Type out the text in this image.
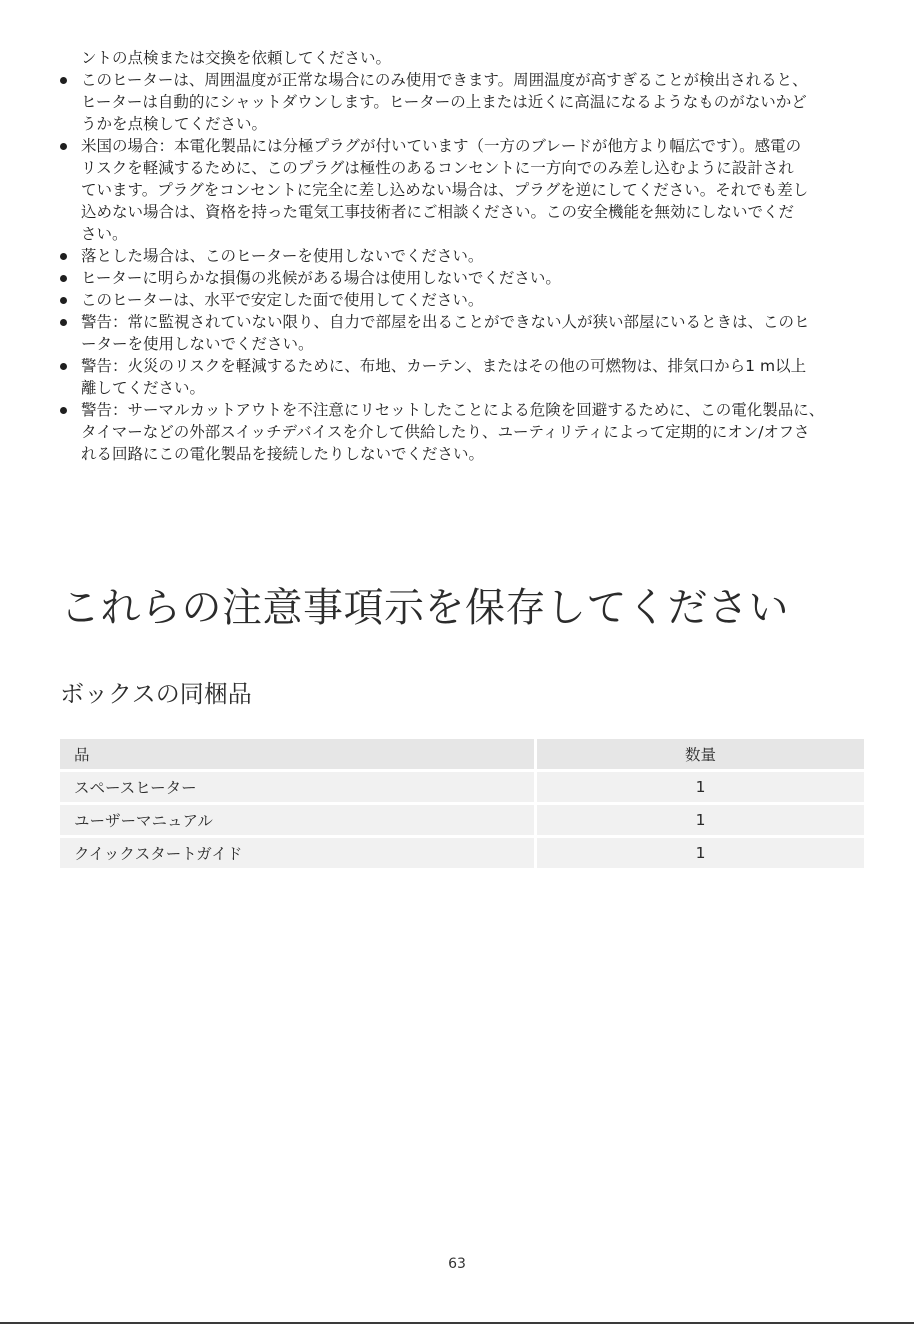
ントの点検または交換を依頼してください。

このヒーターは、周囲温度が正常な場合にのみ使用できます。周囲温度が高すぎることが検出されると、
ヒーターは自動的にシャットダウンします。ヒーターの上または近くに高温になるようなものがないかど
うかを点検してください。
米国の場合：本電化製品には分極プラグが付いています（一方のブレードが他方より幅広です）。感電の
リスクを軽減するために、このプラグは極性のあるコンセントに一方向でのみ差し込むように設計され
ています。プラグをコンセントに完全に差し込めない場合は、プラグを逆にしてください。それでも差し
込めない場合は、資格を持った電気工事技術者にご相談ください。この安全機能を無効にしないでくだ
さい。
落とした場合は、このヒーターを使用しないでください。
ヒーターに明らかな損傷の兆候がある場合は使用しないでください。
このヒーターは、水平で安定した面で使用してください。
警告：常に監視されていない限り、自力で部屋を出ることができない人が狭い部屋にいるときは、このヒ
ーターを使用しないでください。
警告：火災のリスクを軽減するために、布地、カーテン、またはその他の可燃物は、排気口から1 m以上
離してください。
警告：サーマルカットアウトを不注意にリセットしたことによる危険を回避するために、この電化製品に、
タイマーなどの外部スイッチデバイスを介して供給したり、ユーティリティによって定期的にオン/オフさ
れる回路にこの電化製品を接続したりしないでください。
これらの注意事項示を保存してください
ボックスの同梱品
品	数量
スペースヒーター	1
ユーザーマニュアル	1
クイックスタートガイド	1
63
